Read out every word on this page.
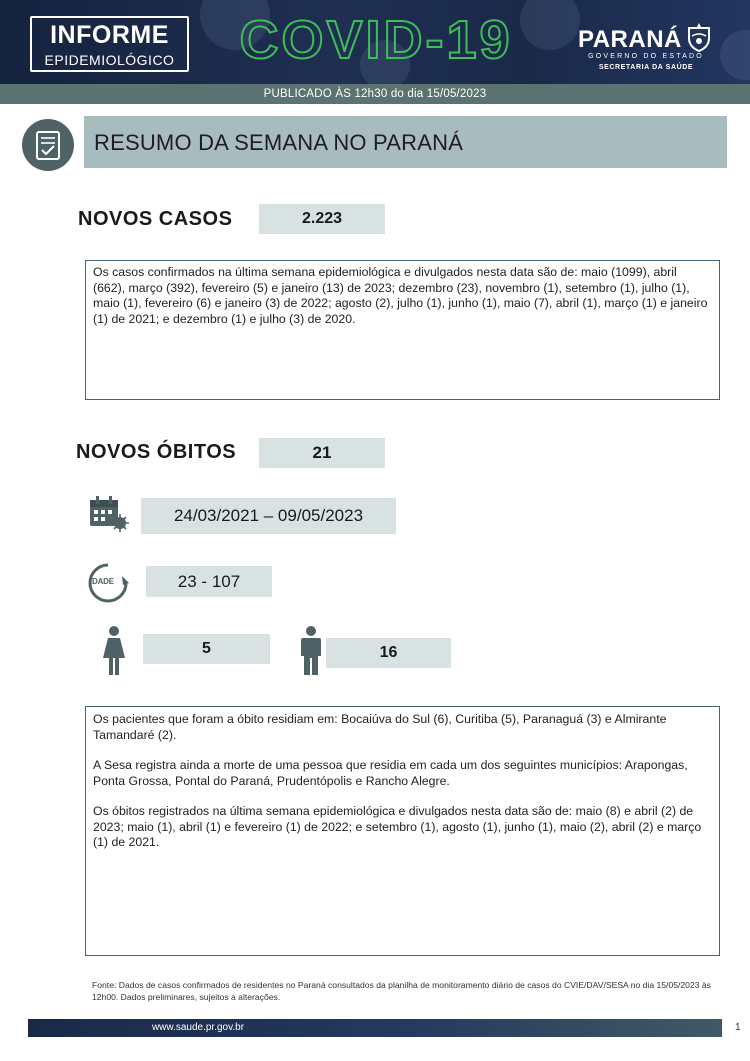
INFORME
EPIDEMIOLÓGICO COVID-19	PARANÁ
GOVERNO DO ESTADO
SECRETARIA DA SAÚDE
PUBLICADO ÀS 12h30 do dia 15/05/2023
RESUMO DA SEMANA NO PARANÁ
NOVOS CASOS	2.223

Os casos confirmados na última semana epidemiológica e divulgados nesta data são de: maio (1099), abril (662), março (392), fevereiro (5) e janeiro (13) de 2023; dezembro (23), novembro (1), setembro (1), julho (1), maio (1), fevereiro (6) e janeiro (3) de 2022; agosto (2), julho (1), junho (1), maio (7), abril (1), março (1) e janeiro (1) de 2021; e dezembro (1) e julho (3) de 2020.

NOVOS ÓBITOS	21
24/03/2021 – 09/05/2023
IDADE	23 - 107
5	16

Os pacientes que foram a óbito residiam em: Bocaiúva do Sul (6), Curitiba (5), Paranaguá (3) e Almirante Tamandaré (2).

A Sesa registra ainda a morte de uma pessoa que residia em cada um dos seguintes municípios: Arapongas, Ponta Grossa, Pontal do Paraná, Prudentópolis e Rancho Alegre.

Os óbitos registrados na última semana epidemiológica e divulgados nesta data são de: maio (8) e abril (2) de 2023; maio (1), abril (1) e fevereiro (1) de 2022; e setembro (1), agosto (1), junho (1), maio (2), abril (2) e março (1) de 2021.

Fonte: Dados de casos confirmados de residentes no Paraná consultados da planilha de monitoramento diário de casos do CVIE/DAV/SESA no dia 15/05/2023 às 12h00. Dados preliminares, sujeitos a alterações.
www.saude.pr.gov.br	1
